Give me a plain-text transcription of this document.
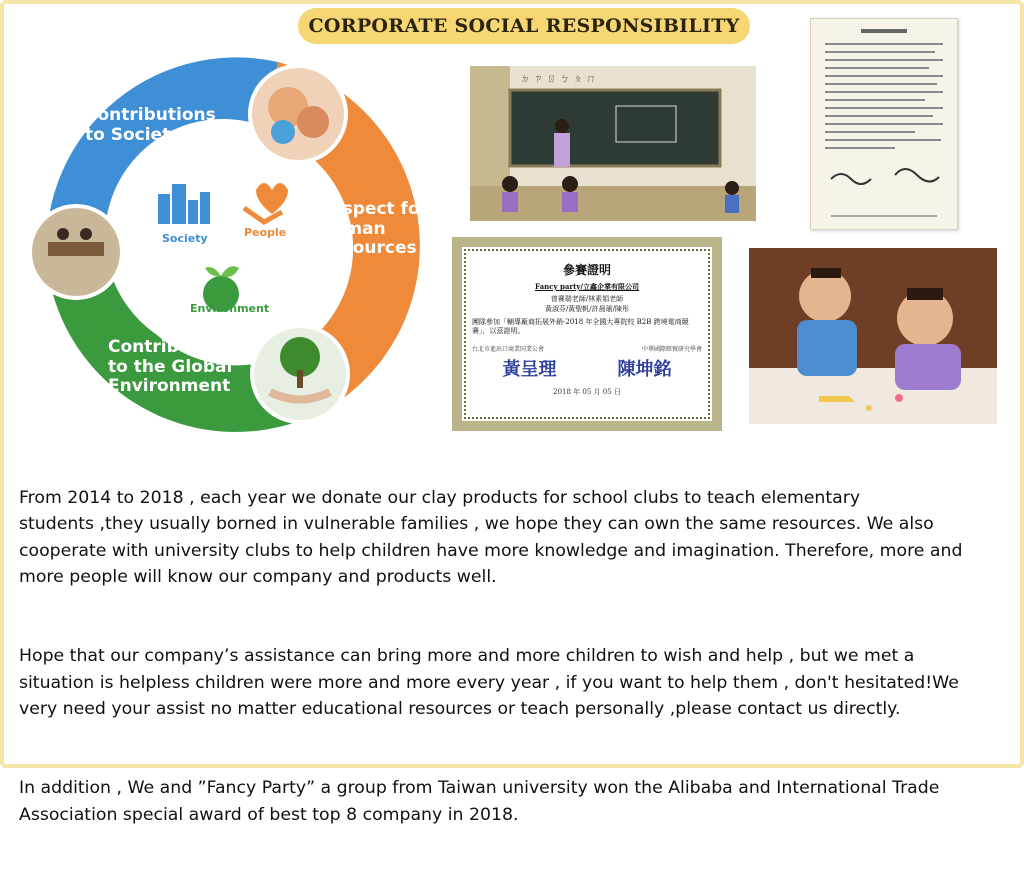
CORPORATE SOCIAL RESPONSIBILITY
Contributions
to Society
Respect for
Human
Resources
Contributions
to the Global
Environment
Society	People
Environment
ㄉ ㄗ ㄖ ㄅ ㄆ ㄇ
參賽證明
Fancy party/立鑫企業有限公司
曾賽瑞老師/林素娟老師
黃淑芬/黃聖帆/許晨瑐/陳彤
團隊參加「輔導廠商拓展外銷-2018 年全國大專院校 B2B 跨境電商競賽」，以茲證明。
台北市進出口商業同業公會	中華國際經貿研究學會
黃呈理	陳坤銘
2018 年 05 月 05 日

From 2014 to 2018 , each year we donate our clay products for school clubs to teach elementary
students ,they usually borned in vulnerable families , we hope they can own the same resources. We also
cooperate with university clubs to help children have more knowledge and imagination. Therefore, more and
more people will know our company and products well.

Hope that our company’s assistance can bring more and more children to wish and help , but we met a
situation is helpless children were more and more every year , if you want to help them , don't hesitated!We
very need your assist no matter educational resources or teach personally ,please contact us directly.

In addition , We and ”Fancy Party” a group from Taiwan university won the Alibaba and International Trade
Association special award of best top 8 company in 2018.
